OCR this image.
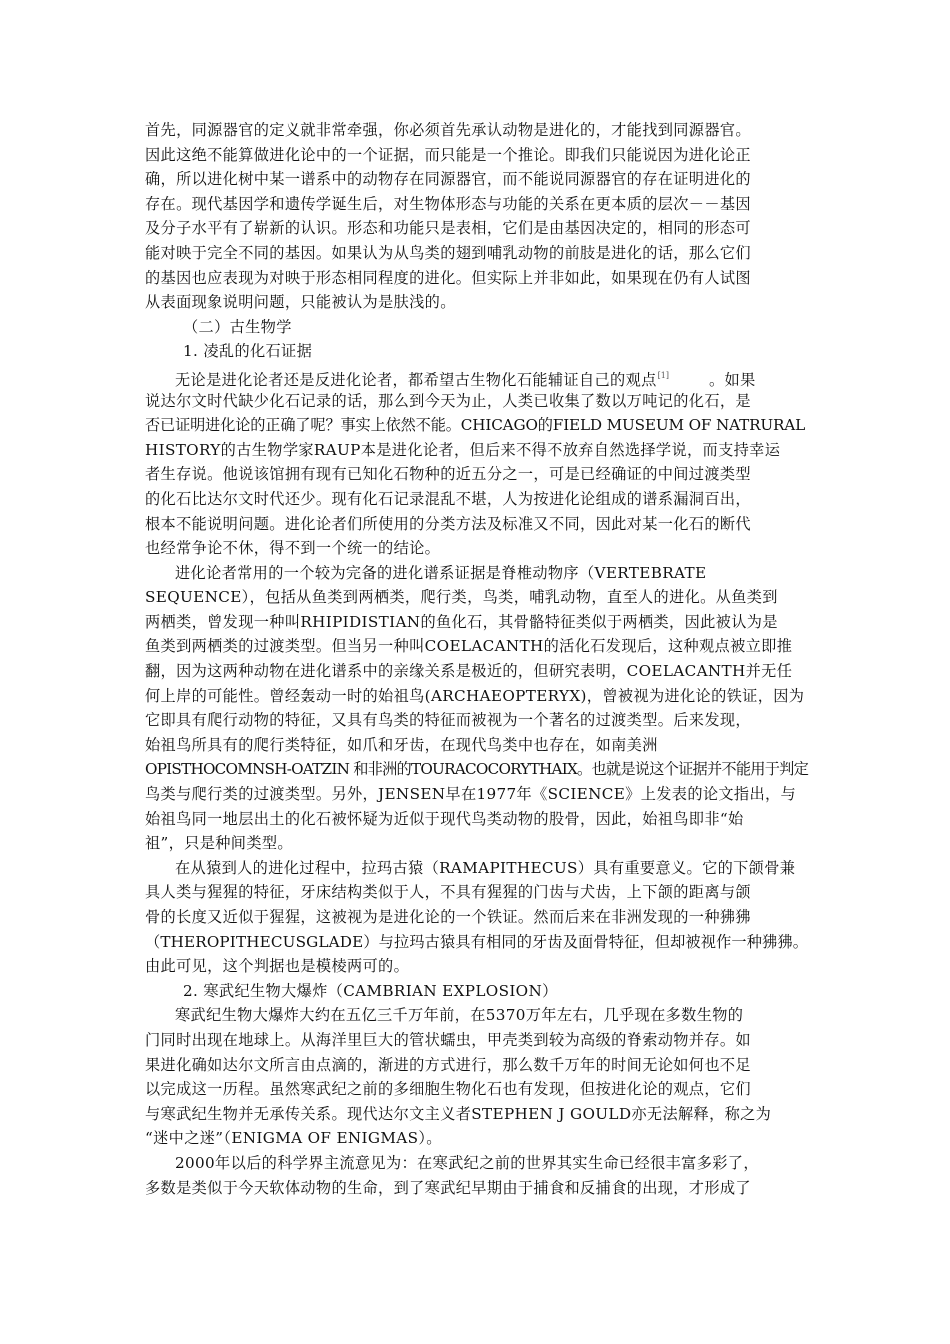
首先，同源器官的定义就非常牵强，你必须首先承认动物是进化的，才能找到同源器官。
因此这绝不能算做进化论中的一个证据，而只能是一个推论。即我们只能说因为进化论正
确，所以进化树中某一谱系中的动物存在同源器官，而不能说同源器官的存在证明进化的
存在。现代基因学和遗传学诞生后，对生物体形态与功能的关系在更本质的层次－－基因
及分子水平有了崭新的认识。形态和功能只是表相，它们是由基因决定的，相同的形态可
能对映于完全不同的基因。如果认为从鸟类的翅到哺乳动物的前肢是进化的话，那么它们
的基因也应表现为对映于形态相同程度的进化。但实际上并非如此，如果现在仍有人试图
从表面现象说明问题，只能被认为是肤浅的。
（二）古生物学
1. 凌乱的化石证据
无论是进化论者还是反进化论者，都希望古生物化石能辅证自己的观点[1]	。如果
说达尔文时代缺少化石记录的话，那么到今天为止，人类已收集了数以万吨记的化石，是
否已证明进化论的正确了呢？事实上依然不能。CHICAGO的FIELD MUSEUM OF NATRURAL
HISTORY的古生物学家RAUP本是进化论者，但后来不得不放弃自然选择学说，而支持幸运
者生存说。他说该馆拥有现有已知化石物种的近五分之一，可是已经确证的中间过渡类型
的化石比达尔文时代还少。现有化石记录混乱不堪，人为按进化论组成的谱系漏洞百出，
根本不能说明问题。进化论者们所使用的分类方法及标准又不同，因此对某一化石的断代
也经常争论不休，得不到一个统一的结论。
进化论者常用的一个较为完备的进化谱系证据是脊椎动物序（VERTEBRATE
SEQUENCE），包括从鱼类到两栖类，爬行类，鸟类，哺乳动物，直至人的进化。从鱼类到
两栖类，曾发现一种叫RHIPIDISTIAN的鱼化石，其骨骼特征类似于两栖类，因此被认为是
鱼类到两栖类的过渡类型。但当另一种叫COELACANTH的活化石发现后，这种观点被立即推
翻，因为这两种动物在进化谱系中的亲缘关系是极近的，但研究表明，COELACANTH并无任
何上岸的可能性。曾经轰动一时的始祖鸟(ARCHAEOPTERYX)，曾被视为进化论的铁证，因为
它即具有爬行动物的特征，又具有鸟类的特征而被视为一个著名的过渡类型。后来发现，
始祖鸟所具有的爬行类特征，如爪和牙齿，在现代鸟类中也存在，如南美洲
OPISTHOCOMNSH-OATZIN 和非洲的TOURACOCORYTHAIX。也就是说这个证据并不能用于判定
鸟类与爬行类的过渡类型。另外，JENSEN早在1977年《SCIENCE》上发表的论文指出，与
始祖鸟同一地层出土的化石被怀疑为近似于现代鸟类动物的股骨，因此，始祖鸟即非“始
祖”，只是种间类型。
在从猿到人的进化过程中，拉玛古猿（RAMAPITHECUS）具有重要意义。它的下颌骨兼
具人类与猩猩的特征，牙床结构类似于人，不具有猩猩的门齿与犬齿，上下颌的距离与颌
骨的长度又近似于猩猩，这被视为是进化论的一个铁证。然而后来在非洲发现的一种狒狒
（THEROPITHECUSGLADE）与拉玛古猿具有相同的牙齿及面骨特征，但却被视作一种狒狒。
由此可见，这个判据也是模棱两可的。
2. 寒武纪生物大爆炸（CAMBRIAN EXPLOSION）
寒武纪生物大爆炸大约在五亿三千万年前，在5370万年左右，几乎现在多数生物的
门同时出现在地球上。从海洋里巨大的管状蠕虫，甲壳类到较为高级的脊索动物并存。如
果进化确如达尔文所言由点滴的，渐进的方式进行，那么数千万年的时间无论如何也不足
以完成这一历程。虽然寒武纪之前的多细胞生物化石也有发现，但按进化论的观点，它们
与寒武纪生物并无承传关系。现代达尔文主义者STEPHEN J GOULD亦无法解释，称之为
“迷中之迷”（ENIGMA OF ENIGMAS）。
2000年以后的科学界主流意见为：在寒武纪之前的世界其实生命已经很丰富多彩了，
多数是类似于今天软体动物的生命，到了寒武纪早期由于捕食和反捕食的出现，才形成了
